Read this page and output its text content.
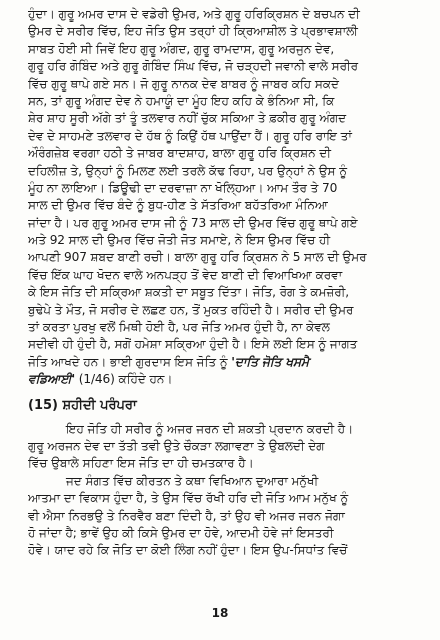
ਹੁੰਦਾ। ਗੁਰੂ ਅਮਰ ਦਾਸ ਦੇ ਵਡੇਰੀ ਉਮਰ, ਅਤੇ ਗੁਰੂ ਹਰਿਕ੍ਰਿਸ਼ਨ ਦੇ ਬਚਪਨ ਦੀ
ਉਮਰ ਦੇ ਸਰੀਰ ਵਿੱਚ, ਇਹ ਜੋਤਿ ਉਸ ਤਰ੍ਹਾਂ ਹੀ ਕ੍ਰਿਆਸ਼ੀਲ ਤੇ ਪ੍ਰਭਾਵਸ਼ਾਲੀ
ਸਾਬਤ ਹੋਈ ਸੀ ਜਿਵੇਂ ਇਹ ਗੁਰੂ ਅੰਗਦ, ਗੁਰੂ ਰਾਮਦਾਸ, ਗੁਰੂ ਅਰਜੁਨ ਦੇਵ,
ਗੁਰੂ ਹਰਿ ਗੋਬਿੰਦ ਅਤੇ ਗੁਰੂ ਗੋਬਿੰਦ ਸਿੰਘ ਵਿੱਚ, ਜੋ ਚੜ੍ਹਦੀ ਜਵਾਨੀ ਵਾਲੇ ਸਰੀਰ
ਵਿੱਚ ਗੁਰੂ ਥਾਪੇ ਗਏ ਸਨ। ਜੋ ਗੁਰੂ ਨਾਨਕ ਦੇਵ ਬਾਬਰ ਨੂੰ ਜਾਬਰ ਕਹਿ ਸਕਦੇ
ਸਨ, ਤਾਂ ਗੁਰੂ ਅੰਗਦ ਦੇਵ ਨੇ ਹਮਾਯੂੰ ਦਾ ਮੂੰਹ ਇਹ ਕਹਿ ਕੇ ਭੰਨਿਆ ਸੀ, ਕਿ
ਸ਼ੇਰ ਸ਼ਾਹ ਸੂਰੀ ਅੱਗੇ ਤਾਂ ਤੂੰ ਤਲਵਾਰ ਨਹੀਂ ਚੁੱਕ ਸਕਿਆ ਤੇ ਫ਼ਕੀਰ ਗੁਰੂ ਅੰਗਦ
ਦੇਵ ਦੇ ਸਾਹਮਣੇ ਤਲਵਾਰ ਦੇ ਹੱਥ ਨੂੰ ਕਿਉਂ ਹੱਥ ਪਾਉਂਦਾ ਹੈਂ। ਗੁਰੂ ਹਰਿ ਰਾਇ ਤਾਂ
ਔਰੰਗਜ਼ੇਬ ਵਰਗਾ ਹਠੀ ਤੇ ਜਾਬਰ ਬਾਦਸ਼ਾਹ, ਬਾਲਾ ਗੁਰੂ ਹਰਿ ਕ੍ਰਿਸ਼ਨ ਦੀ
ਦਹਿਲੀਜ਼ ਤੇ, ਉਨ੍ਹਾਂ ਨੂੰ ਮਿਲਣ ਲਈ ਤਰਲੇ ਕੱਢ ਰਿਹਾ, ਪਰ ਉਨ੍ਹਾਂ ਨੇ ਉਸ ਨੂੰ
ਮੂੰਹ ਨਾ ਲਾਇਆ। ਡਿਊਢੀ ਦਾ ਦਰਵਾਜ਼ਾ ਨਾ ਖੋਲ੍ਹਿਆ। ਆਮ ਤੌਰ ਤੇ 70
ਸਾਲ ਦੀ ਉਮਰ ਵਿੱਚ ਬੰਦੇ ਨੂੰ ਬੁਧ-ਹੀਣ ਤੇ ਸੱਤਰਿਆ ਬਹੱਤਰਿਆ ਮੰਨਿਆ
ਜਾਂਦਾ ਹੈ। ਪਰ ਗੁਰੂ ਅਮਰ ਦਾਸ ਜੀ ਨੂੰ 73 ਸਾਲ ਦੀ ਉਮਰ ਵਿੱਚ ਗੁਰੂ ਥਾਪੇ ਗਏ
ਅਤੇ 92 ਸਾਲ ਦੀ ਉਮਰ ਵਿੱਚ ਜੋਤੀ ਜੋਤ ਸਮਾਏ, ਨੇ ਇਸ ਉਮਰ ਵਿੱਚ ਹੀ
ਆਪਣੀ 907 ਸ਼ਬਦ ਬਾਣੀ ਰਚੀ। ਬਾਲਾ ਗੁਰੂ ਹਰਿ ਕ੍ਰਿਸ਼ਨ ਨੇ 5 ਸਾਲ ਦੀ ਉਮਰ
ਵਿੱਚ ਇੱਕ ਘਾਹ ਖੋਦਨ ਵਾਲੇ ਅਨਪੜ੍ਹ ਤੋਂ ਵੇਦ ਬਾਣੀ ਦੀ ਵਿਆਖਿਆ ਕਰਵਾ
ਕੇ ਇਸ ਜੋਤਿ ਦੀ ਸਕ੍ਰਿਆ ਸ਼ਕਤੀ ਦਾ ਸਬੂਤ ਦਿੱਤਾ। ਜੋਤਿ, ਰੋਗ ਤੇ ਕਮਜ਼ੋਰੀ,
ਬੁਢੇਪੇ ਤੇ ਮੌਤ, ਜੋ ਸਰੀਰ ਦੇ ਲਛਣ ਹਨ, ਤੋਂ ਮੁਕਤ ਰਹਿੰਦੀ ਹੈ। ਸਰੀਰ ਦੀ ਉਮਰ
ਤਾਂ ਕਰਤਾ ਪੁਰਖੁ ਵਲੋਂ ਮਿਥੀ ਹੋਈ ਹੈ, ਪਰ ਜੋਤਿ ਅਮਰ ਹੁੰਦੀ ਹੈ, ਨਾ ਕੇਵਲ
ਸਦੀਵੀ ਹੀ ਹੁੰਦੀ ਹੈ, ਸਗੋਂ ਹਮੇਸ਼ਾ ਸਕ੍ਰਿਆ ਹੁੰਦੀ ਹੈ। ਇਸੇ ਲਈ ਇਸ ਨੂੰ ਜਾਗਤ
ਜੋਤਿ ਆਖਦੇ ਹਨ। ਭਾਈ ਗੁਰਦਾਸ ਇਸ ਜੋਤਿ ਨੂੰ 'ਦਾਤਿ ਜੋਤਿ ਖਸਮੈ
ਵਡਿਆਈ' (1/46) ਕਹਿੰਦੇ ਹਨ।
(15) ਸ਼ਹੀਦੀ ਪਰੰਪਰਾ
ਇਹ ਜੋਤਿ ਹੀ ਸਰੀਰ ਨੂੰ ਅਜਰ ਜਰਨ ਦੀ ਸ਼ਕਤੀ ਪ੍ਰਦਾਨ ਕਰਦੀ ਹੈ।
ਗੁਰੂ ਅਰਜਨ ਦੇਵ ਦਾ ਤੱਤੀ ਤਵੀ ਉਤੇ ਚੌਕੜਾ ਲਗਾਵਣਾ ਤੇ ਉਬਲਦੀ ਦੇਗ
ਵਿੱਚ ਉਬਾਲੇ ਸਹਿਣਾ ਇਸ ਜੋਤਿ ਦਾ ਹੀ ਚਮਤਕਾਰ ਹੈ।
ਜਦ ਸੰਗਤ ਵਿੱਚ ਕੀਰਤਨ ਤੇ ਕਥਾ ਵਿਖਿਆਨ ਦੁਆਰਾ ਮਨੁੱਖੀ
ਆਤਮਾ ਦਾ ਵਿਕਾਸ ਹੁੰਦਾ ਹੈ, ਤੇ ਉਸ ਵਿੱਚ ਰੱਖੀ ਹਰਿ ਦੀ ਜੋਤਿ ਆਮ ਮਨੁੱਖ ਨੂੰ
ਵੀ ਐਸਾ ਨਿਰਭਉ ਤੇ ਨਿਰਵੈਰ ਬਣਾ ਦਿੰਦੀ ਹੈ, ਤਾਂ ਉਹ ਵੀ ਅਜਰ ਜਰਨ ਜੋਗਾ
ਹੋ ਜਾਂਦਾ ਹੈ; ਭਾਵੇਂ ਉਹ ਕੀ ਕਿਸੇ ਉਮਰ ਦਾ ਹੋਵੇ, ਆਦਮੀ ਹੋਵੇ ਜਾਂ ਇਸਤਰੀ
ਹੋਵੇ। ਯਾਦ ਰਹੇ ਕਿ ਜੋਤਿ ਦਾ ਕੋਈ ਲਿੰਗ ਨਹੀਂ ਹੁੰਦਾ। ਇਸ ਉਪ-ਸਿਧਾਂਤ ਵਿਚੋਂ
18
